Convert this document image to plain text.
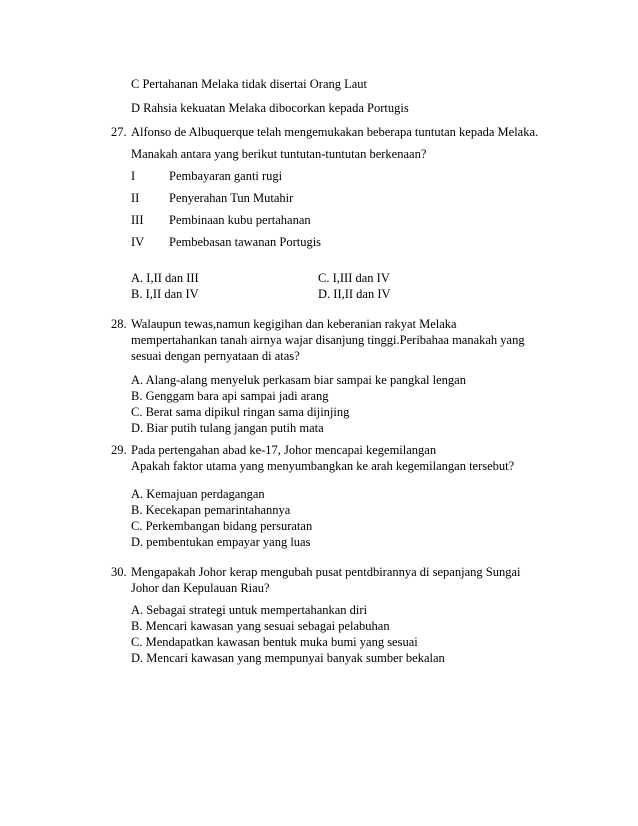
C Pertahanan Melaka tidak disertai Orang Laut
D Rahsia kekuatan Melaka dibocorkan kepada Portugis
27. Alfonso de Albuquerque telah mengemukakan beberapa tuntutan kepada Melaka.
Manakah antara yang berikut tuntutan-tuntutan berkenaan?
I	Pembayaran ganti rugi
II Penyerahan Tun Mutahir
III Pembinaan kubu pertahanan
IV Pembebasan tawanan Portugis
A. I,II dan III	C. I,III dan IV
B. I,II dan IV	D. II,II dan IV
28. Walaupun tewas,namun kegigihan dan keberanian rakyat Melaka
mempertahankan tanah airnya wajar disanjung tinggi.Peribahaa manakah yang
sesuai dengan pernyataan di atas?
A. Alang-alang menyeluk perkasam biar sampai ke pangkal lengan
B. Genggam bara api sampai jadi arang
C. Berat sama dipikul ringan sama dijinjing
D. Biar putih tulang jangan putih mata
29. Pada pertengahan abad ke-17, Johor mencapai kegemilangan
Apakah faktor utama yang menyumbangkan ke arah kegemilangan tersebut?
A. Kemajuan perdagangan
B. Kecekapan pemarintahannya
C. Perkembangan bidang persuratan
D. pembentukan empayar yang luas
30. Mengapakah Johor kerap mengubah pusat pentdbirannya di sepanjang Sungai
Johor dan Kepulauan Riau?
A. Sebagai strategi untuk mempertahankan diri
B. Mencari kawasan yang sesuai sebagai pelabuhan
C. Mendapatkan kawasan bentuk muka bumi yang sesuai
D. Mencari kawasan yang mempunyai banyak sumber bekalan
